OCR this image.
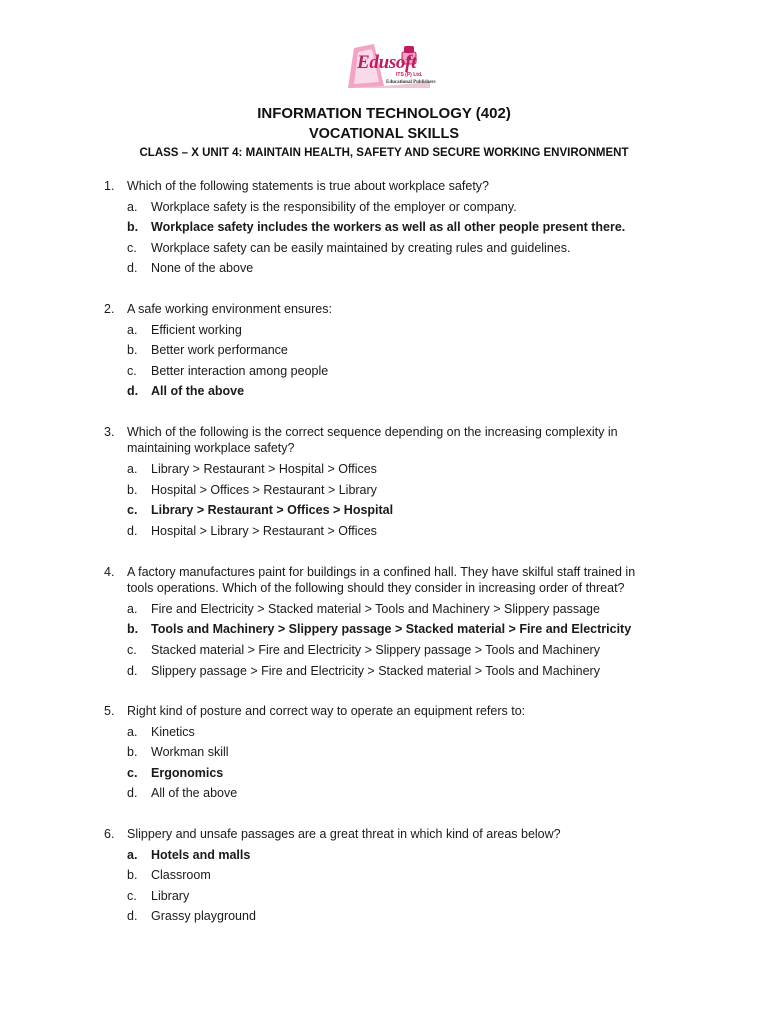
Edusoft
ITS (P) Ltd.
Educational Publishers
INFORMATION TECHNOLOGY (402)
VOCATIONAL SKILLS
CLASS – X UNIT 4: MAINTAIN HEALTH, SAFETY AND SECURE WORKING ENVIRONMENT
1. Which of the following statements is true about workplace safety?
a. Workplace safety is the responsibility of the employer or company.
b. Workplace safety includes the workers as well as all other people present there.
c. Workplace safety can be easily maintained by creating rules and guidelines.
d. None of the above
2. A safe working environment ensures:
a. Efficient working
b. Better work performance
c. Better interaction among people
d. All of the above
3. Which of the following is the correct sequence depending on the increasing complexity in
maintaining workplace safety?
a. Library > Restaurant > Hospital > Offices
b. Hospital > Offices > Restaurant > Library
c. Library > Restaurant > Offices > Hospital
d. Hospital > Library > Restaurant > Offices
4. A factory manufactures paint for buildings in a confined hall. They have skilful staff trained in
tools operations. Which of the following should they consider in increasing order of threat?
a. Fire and Electricity > Stacked material > Tools and Machinery > Slippery passage
b. Tools and Machinery > Slippery passage > Stacked material > Fire and Electricity
c. Stacked material > Fire and Electricity > Slippery passage > Tools and Machinery
d. Slippery passage > Fire and Electricity > Stacked material > Tools and Machinery
5. Right kind of posture and correct way to operate an equipment refers to:
a. Kinetics
b. Workman skill
c. Ergonomics
d. All of the above
6. Slippery and unsafe passages are a great threat in which kind of areas below?
a. Hotels and malls
b. Classroom
c. Library
d. Grassy playground
